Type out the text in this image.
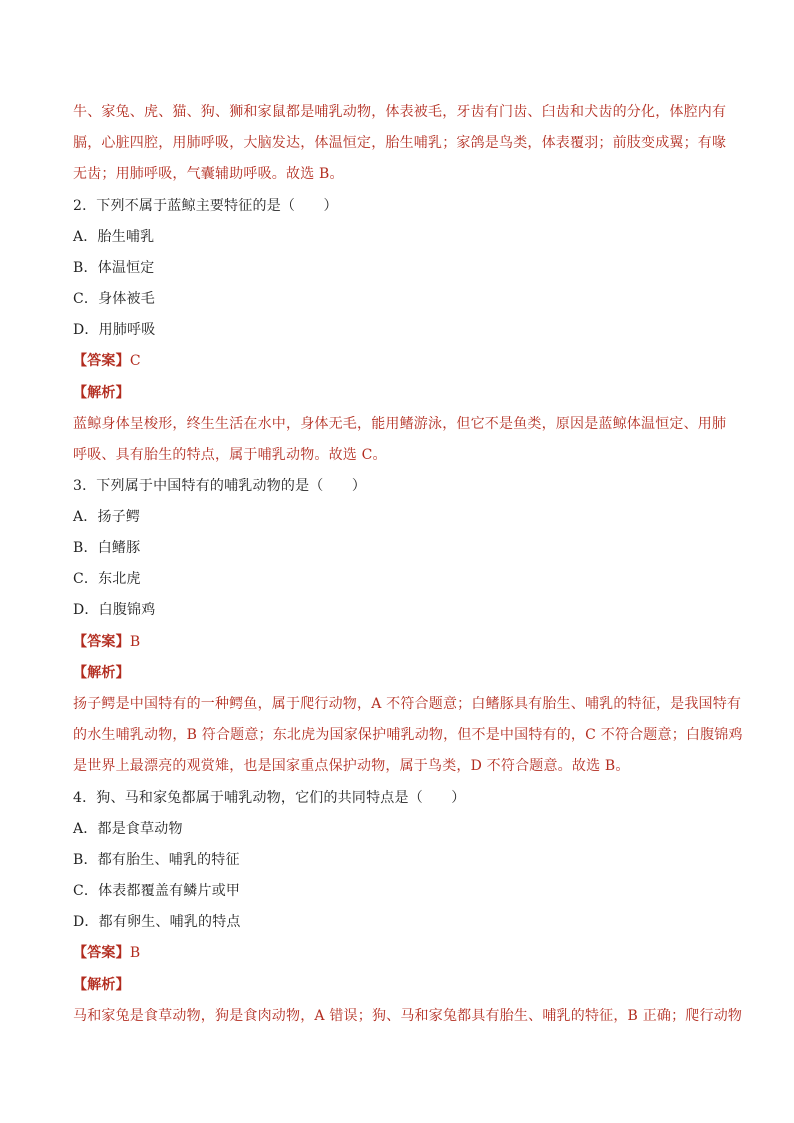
牛、家兔、虎、猫、狗、狮和家鼠都是哺乳动物，体表被毛，牙齿有门齿、臼齿和犬齿的分化，体腔内有
膈，心脏四腔，用肺呼吸，大脑发达，体温恒定，胎生哺乳；家鸽是鸟类，体表覆羽；前肢变成翼；有喙
无齿；用肺呼吸，气囊辅助呼吸。故选 B。
2．下列不属于蓝鲸主要特征的是（　　）
A．胎生哺乳
B．体温恒定
C．身体被毛
D．用肺呼吸
【答案】C
【解析】
蓝鲸身体呈梭形，终生生活在水中，身体无毛，能用鳍游泳，但它不是鱼类，原因是蓝鲸体温恒定、用肺
呼吸、具有胎生的特点，属于哺乳动物。故选 C。
3．下列属于中国特有的哺乳动物的是（　　）
A．扬子鳄
B．白鳍豚
C．东北虎
D．白腹锦鸡
【答案】B
【解析】
扬子鳄是中国特有的一种鳄鱼，属于爬行动物，A 不符合题意；白鳍豚具有胎生、哺乳的特征，是我国特有
的水生哺乳动物，B 符合题意；东北虎为国家保护哺乳动物，但不是中国特有的，C 不符合题意；白腹锦鸡
是世界上最漂亮的观赏雉，也是国家重点保护动物，属于鸟类，D 不符合题意。故选 B。
4．狗、马和家兔都属于哺乳动物，它们的共同特点是（　　）
A．都是食草动物
B．都有胎生、哺乳的特征
C．体表都覆盖有鳞片或甲
D．都有卵生、哺乳的特点
【答案】B
【解析】
马和家兔是食草动物，狗是食肉动物，A 错误；狗、马和家兔都具有胎生、哺乳的特征，B 正确；爬行动物
